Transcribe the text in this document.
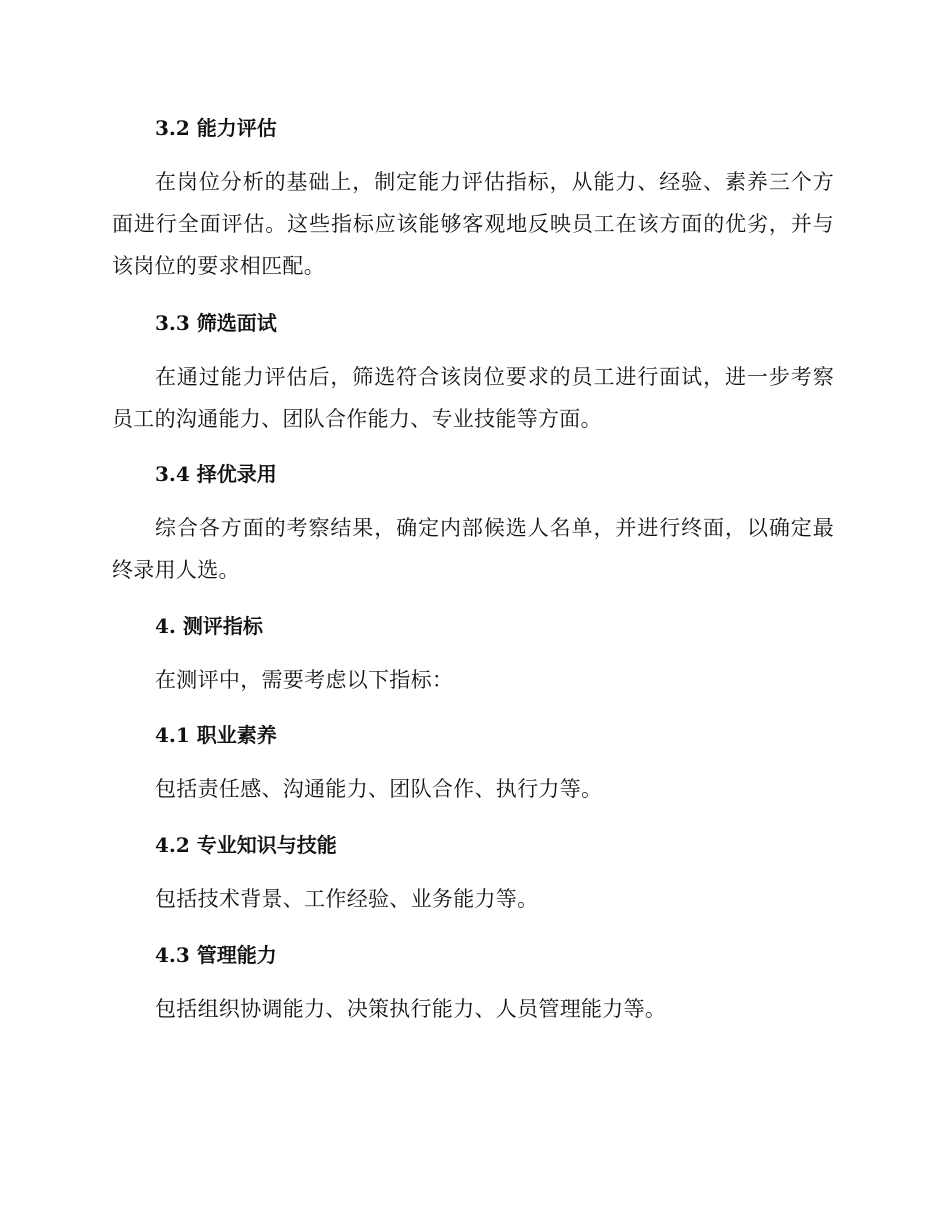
3.2 能力评估
在岗位分析的基础上，制定能力评估指标，从能力、经验、素养三个方面进行全面评估。这些指标应该能够客观地反映员工在该方面的优劣，并与该岗位的要求相匹配。
3.3 筛选面试
在通过能力评估后，筛选符合该岗位要求的员工进行面试，进一步考察员工的沟通能力、团队合作能力、专业技能等方面。
3.4 择优录用
综合各方面的考察结果，确定内部候选人名单，并进行终面，以确定最终录用人选。
4. 测评指标
在测评中，需要考虑以下指标：
4.1 职业素养
包括责任感、沟通能力、团队合作、执行力等。
4.2 专业知识与技能
包括技术背景、工作经验、业务能力等。
4.3 管理能力
包括组织协调能力、决策执行能力、人员管理能力等。
